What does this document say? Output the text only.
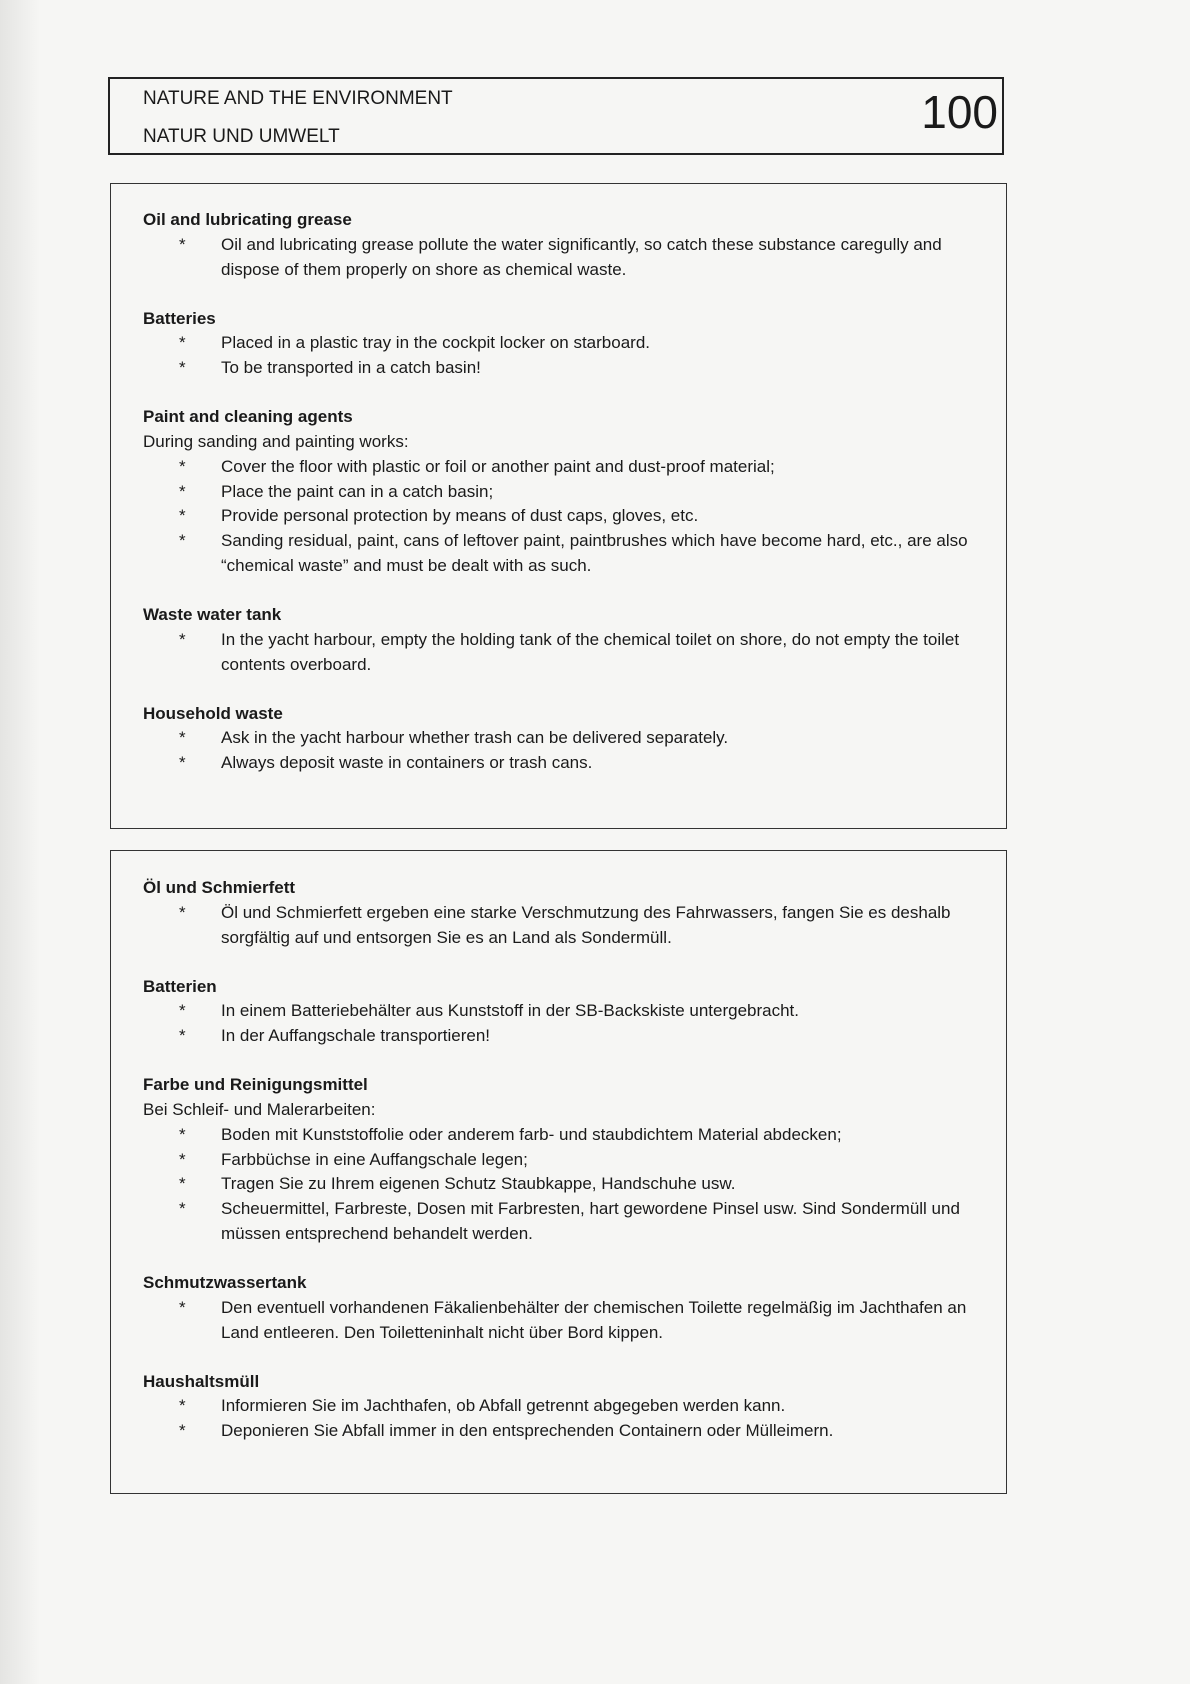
NATURE AND THE ENVIRONMENT
NATUR UND UMWELT	100
Oil and lubricating grease
*	Oil and lubricating grease pollute the water significantly, so catch these substance caregully and dispose of them properly on shore as chemical waste.
Batteries
*	Placed in a plastic tray in the cockpit locker on starboard.
*	To be transported in a catch basin!
Paint and cleaning agents
During sanding and painting works:
*	Cover the floor with plastic or foil or another paint and dust-proof material;
*	Place the paint can in a catch basin;
*	Provide personal protection by means of dust caps, gloves, etc.
*	Sanding residual, paint, cans of leftover paint, paintbrushes which have become hard, etc., are also “chemical waste” and must be dealt with as such.
Waste water tank
*	In the yacht harbour, empty the holding tank of the chemical toilet on shore, do not empty the toilet contents overboard.
Household waste
*	Ask in the yacht harbour whether trash can be delivered separately.
*	Always deposit waste in containers or trash cans.
Öl und Schmierfett
*	Öl und Schmierfett ergeben eine starke Verschmutzung des Fahrwassers, fangen Sie es deshalb sorgfältig auf und entsorgen Sie es an Land als Sondermüll.
Batterien
*	In einem Batteriebehälter aus Kunststoff in der SB-Backskiste untergebracht.
*	In der Auffangschale transportieren!
Farbe und Reinigungsmittel
Bei Schleif- und Malerarbeiten:
*	Boden mit Kunststoffolie oder anderem farb- und staubdichtem Material abdecken;
*	Farbbüchse in eine Auffangschale legen;
*	Tragen Sie zu Ihrem eigenen Schutz Staubkappe, Handschuhe usw.
*	Scheuermittel, Farbreste, Dosen mit Farbresten, hart gewordene Pinsel usw. Sind Sondermüll und müssen entsprechend behandelt werden.
Schmutzwassertank
*	Den eventuell vorhandenen Fäkalienbehälter der chemischen Toilette regelmäßig im Jachthafen an Land entleeren. Den Toiletteninhalt nicht über Bord kippen.
Haushaltsmüll
*	Informieren Sie im Jachthafen, ob Abfall getrennt abgegeben werden kann.
*	Deponieren Sie Abfall immer in den entsprechenden Containern oder Mülleimern.
